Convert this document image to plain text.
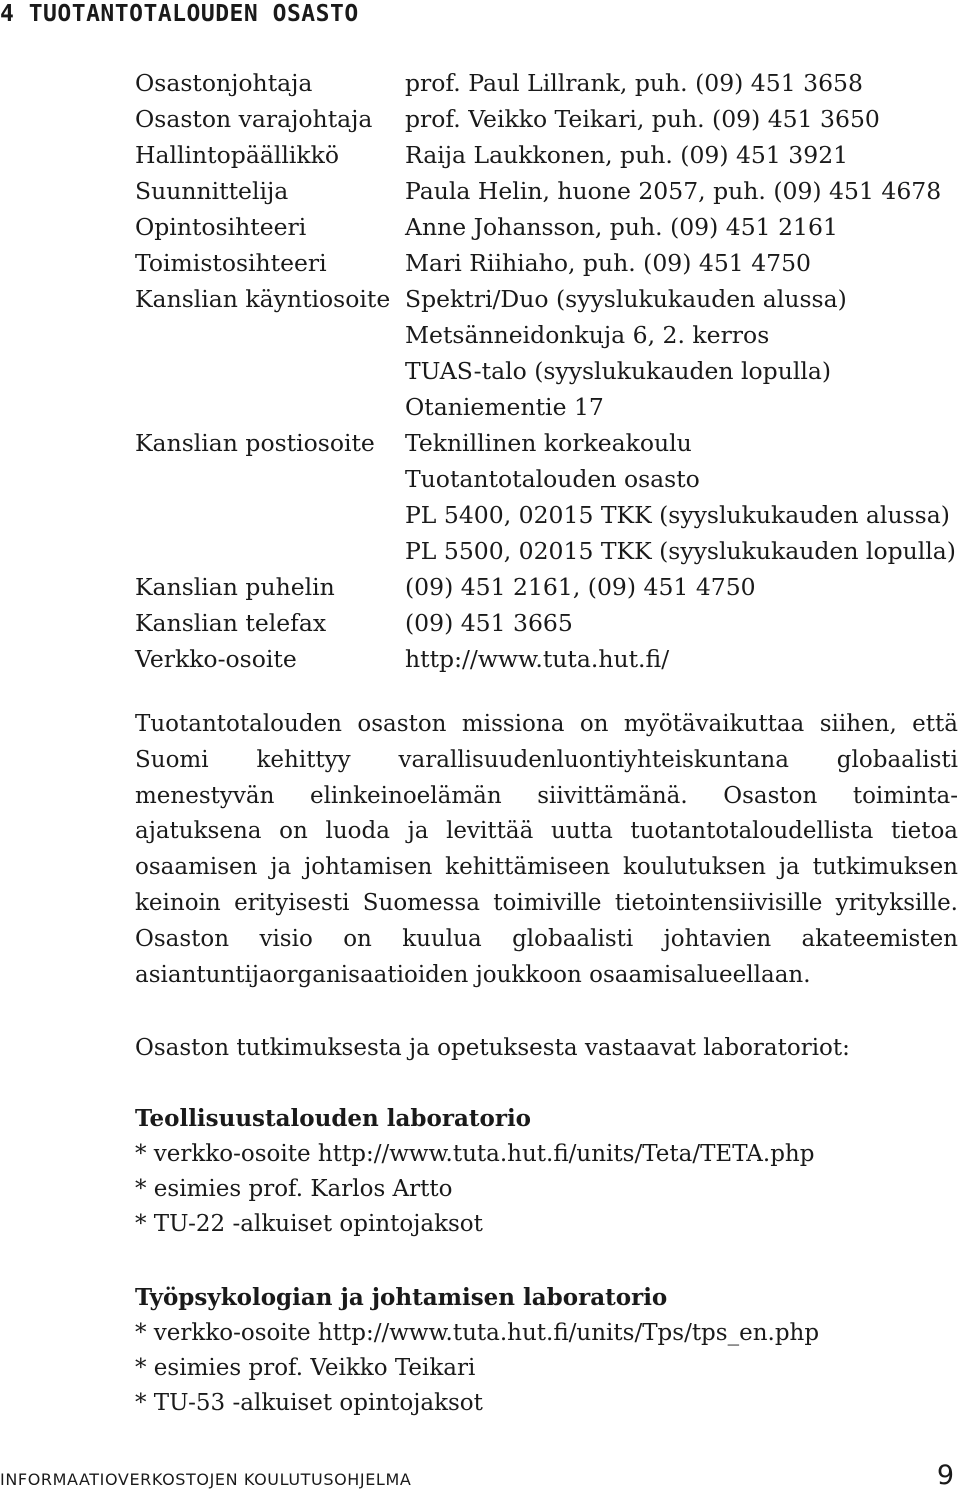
4 TUOTANTOTALOUDEN OSASTO
Osastonjohtaja	prof. Paul Lillrank, puh. (09) 451 3658
Osaston varajohtaja prof. Veikko Teikari, puh. (09) 451 3650
Hallintopäällikkö	Raija Laukkonen, puh. (09) 451 3921
Suunnittelija	Paula Helin, huone 2057, puh. (09) 451 4678
Opintosihteeri	Anne Johansson, puh. (09) 451 2161
Toimistosihteeri	Mari Riihiaho, puh. (09) 451 4750
Kanslian käyntiosoite Spektri/Duo (syyslukukauden alussa)
Metsänneidonkuja 6, 2. kerros
TUAS-talo (syyslukukauden lopulla)
Otaniementie 17
Kanslian postiosoite Teknillinen korkeakoulu
Tuotantotalouden osasto
PL 5400, 02015 TKK (syyslukukauden alussa)
PL 5500, 02015 TKK (syyslukukauden lopulla)
Kanslian puhelin	(09) 451 2161, (09) 451 4750
Kanslian telefax	(09) 451 3665
Verkko-osoite	http://www.tuta.hut.fi/

Tuotantotalouden osaston missiona on myötävaikuttaa siihen, että Suomi kehittyy varallisuudenluontiyhteiskuntana globaalisti menestyvän elinkeinoelämän siivittämänä. Osaston toiminta-ajatuksena on luoda ja levittää uutta tuotantotaloudellista tietoa osaamisen ja johtamisen kehittämiseen koulutuksen ja tutkimuksen keinoin erityisesti Suomessa toimiville tietointensiivisille yrityksille. Osaston visio on kuulua globaalisti johtavien akateemisten asiantuntijaorganisaatioiden joukkoon osaamisalueellaan.

Osaston tutkimuksesta ja opetuksesta vastaavat laboratoriot:
Teollisuustalouden laboratorio
* verkko-osoite http://www.tuta.hut.fi/units/Teta/TETA.php
* esimies prof. Karlos Artto
* TU-22 -alkuiset opintojaksot
Työpsykologian ja johtamisen laboratorio
* verkko-osoite http://www.tuta.hut.fi/units/Tps/tps_en.php
* esimies prof. Veikko Teikari
* TU-53 -alkuiset opintojaksot
INFORMAATIOVERKOSTOJEN KOULUTUSOHJELMA	9
